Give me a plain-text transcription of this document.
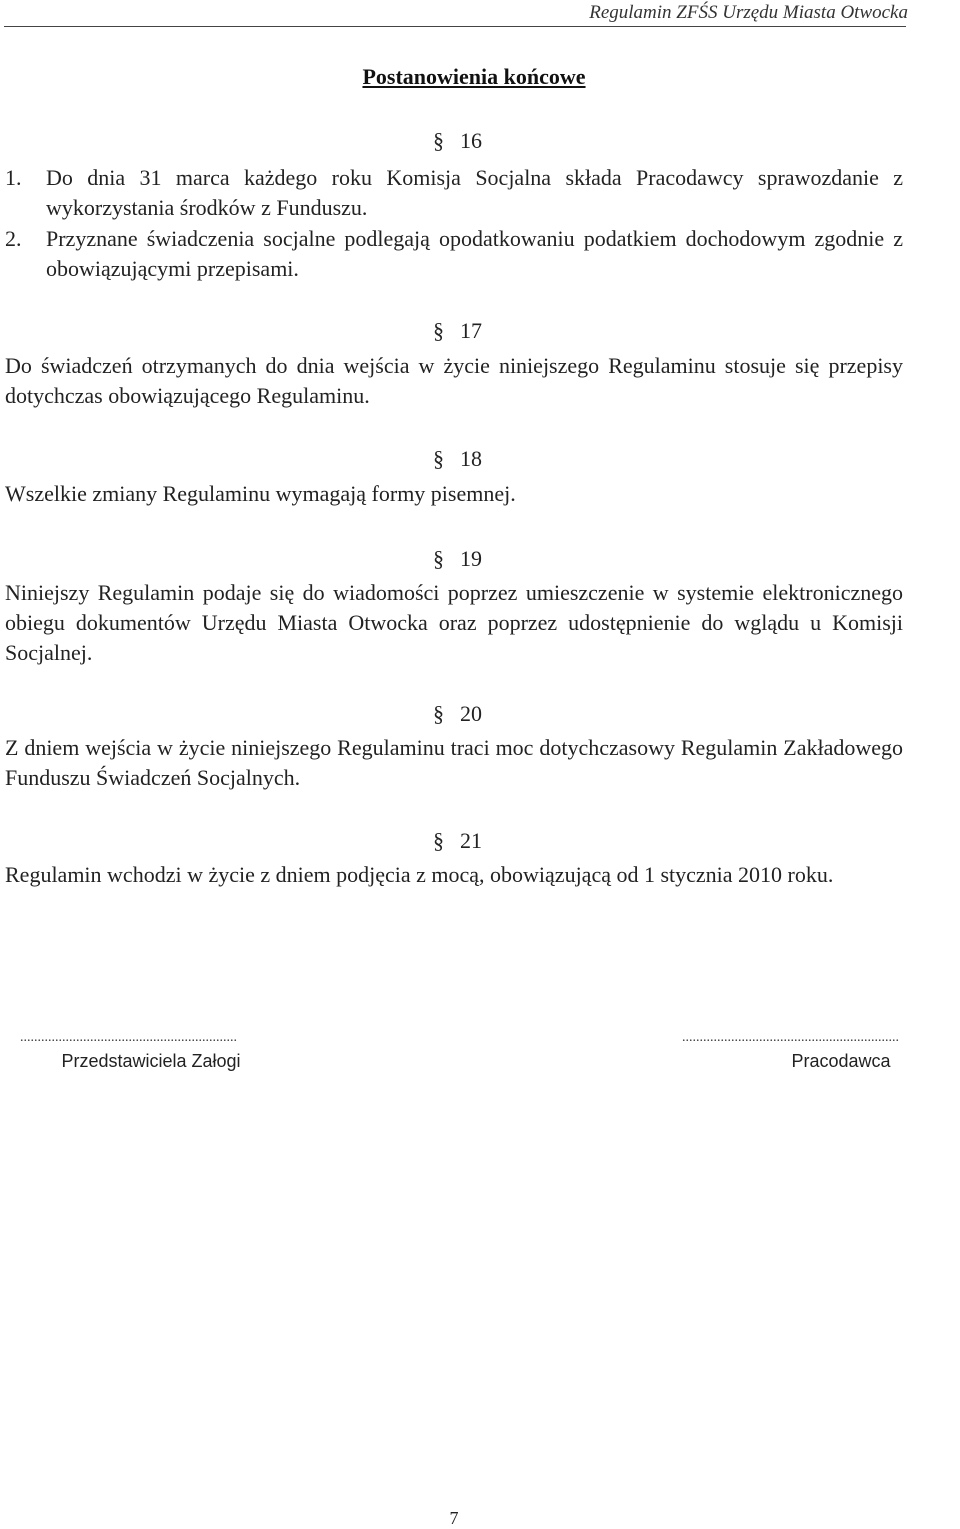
Regulamin ZFŚS Urzędu Miasta Otwocka
Postanowienia końcowe
§ 16
1. Do dnia 31 marca każdego roku Komisja Socjalna składa Pracodawcy sprawozdanie z wykorzystania środków z Funduszu.
2. Przyznane świadczenia socjalne podlegają opodatkowaniu podatkiem dochodowym zgodnie z obowiązującymi przepisami.
§ 17
Do świadczeń otrzymanych do dnia wejścia w życie niniejszego Regulaminu stosuje się przepisy dotychczas obowiązującego Regulaminu.
§ 18
Wszelkie zmiany Regulaminu wymagają formy pisemnej.
§ 19
Niniejszy Regulamin podaje się do wiadomości poprzez umieszczenie w systemie elektronicznego obiegu dokumentów Urzędu Miasta Otwocka oraz poprzez udostępnienie do wglądu u Komisji Socjalnej.
§ 20
Z dniem wejścia w życie niniejszego Regulaminu traci moc dotychczasowy Regulamin Zakładowego Funduszu Świadczeń Socjalnych.
§ 21
Regulamin wchodzi w życie z dniem podjęcia z mocą, obowiązującą od 1 stycznia 2010 roku.
..............................................................
Przedstawiciela Załogi
..............................................................
Pracodawca
7
